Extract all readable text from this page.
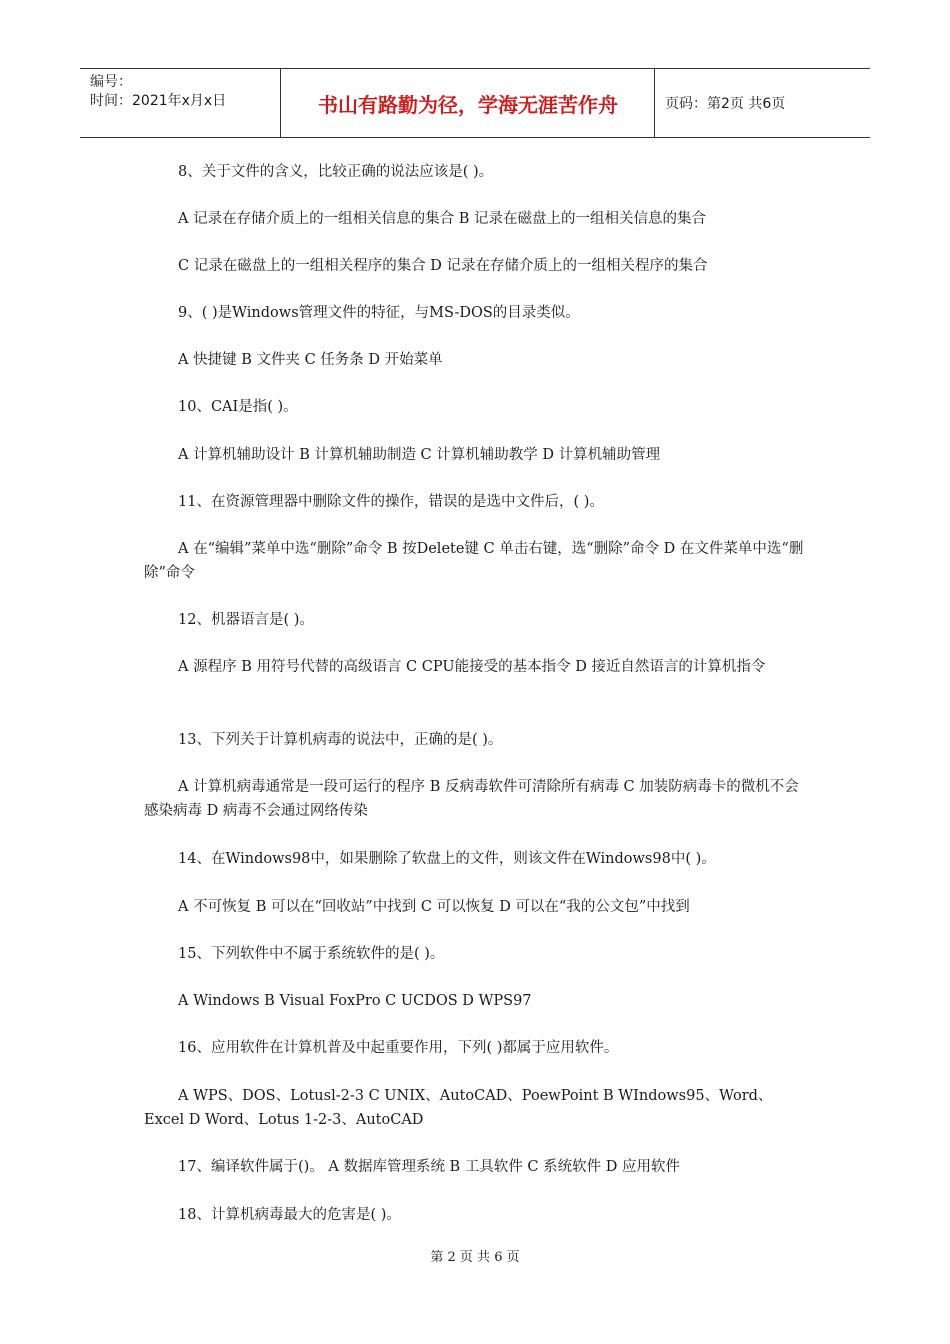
编号：
时间：2021年x月x日	书山有路勤为径，学海无涯苦作舟	页码：第2页 共6页
8、关于文件的含义，比较正确的说法应该是( )。
A 记录在存储介质上的一组相关信息的集合 B 记录在磁盘上的一组相关信息的集合
C 记录在磁盘上的一组相关程序的集合 D 记录在存储介质上的一组相关程序的集合
9、( )是Windows管理文件的特征，与MS-DOS的目录类似。
A 快捷键 B 文件夹 C 任务条 D 开始菜单
10、CAI是指( )。
A 计算机辅助设计 B 计算机辅助制造 C 计算机辅助教学 D 计算机辅助管理
11、在资源管理器中删除文件的操作，错误的是选中文件后，( )。
A 在“编辑”菜单中选“删除”命令 B 按Delete键 C 单击右键，选“删除”命令 D 在文件菜单中选“删除”命令
12、机器语言是( )。
A 源程序 B 用符号代替的高级语言 C CPU能接受的基本指令 D 接近自然语言的计算机指令
13、下列关于计算机病毒的说法中，正确的是( )。
A 计算机病毒通常是一段可运行的程序 B 反病毒软件可清除所有病毒 C 加装防病毒卡的微机不会感染病毒 D 病毒不会通过网络传染
14、在Windows98中，如果删除了软盘上的文件，则该文件在Windows98中( )。
A 不可恢复 B 可以在“回收站”中找到 C 可以恢复 D 可以在“我的公文包”中找到
15、下列软件中不属于系统软件的是( )。
A Windows B Visual FoxPro C UCDOS D WPS97
16、应用软件在计算机普及中起重要作用，下列( )都属于应用软件。
A WPS、DOS、Lotusl-2-3 C UNIX、AutoCAD、PoewPoint B WIndows95、Word、Excel D Word、Lotus 1-2-3、AutoCAD
17、编译软件属于()。 A 数据库管理系统 B 工具软件 C 系统软件 D 应用软件
18、计算机病毒最大的危害是( )。
第 2 页 共 6 页
